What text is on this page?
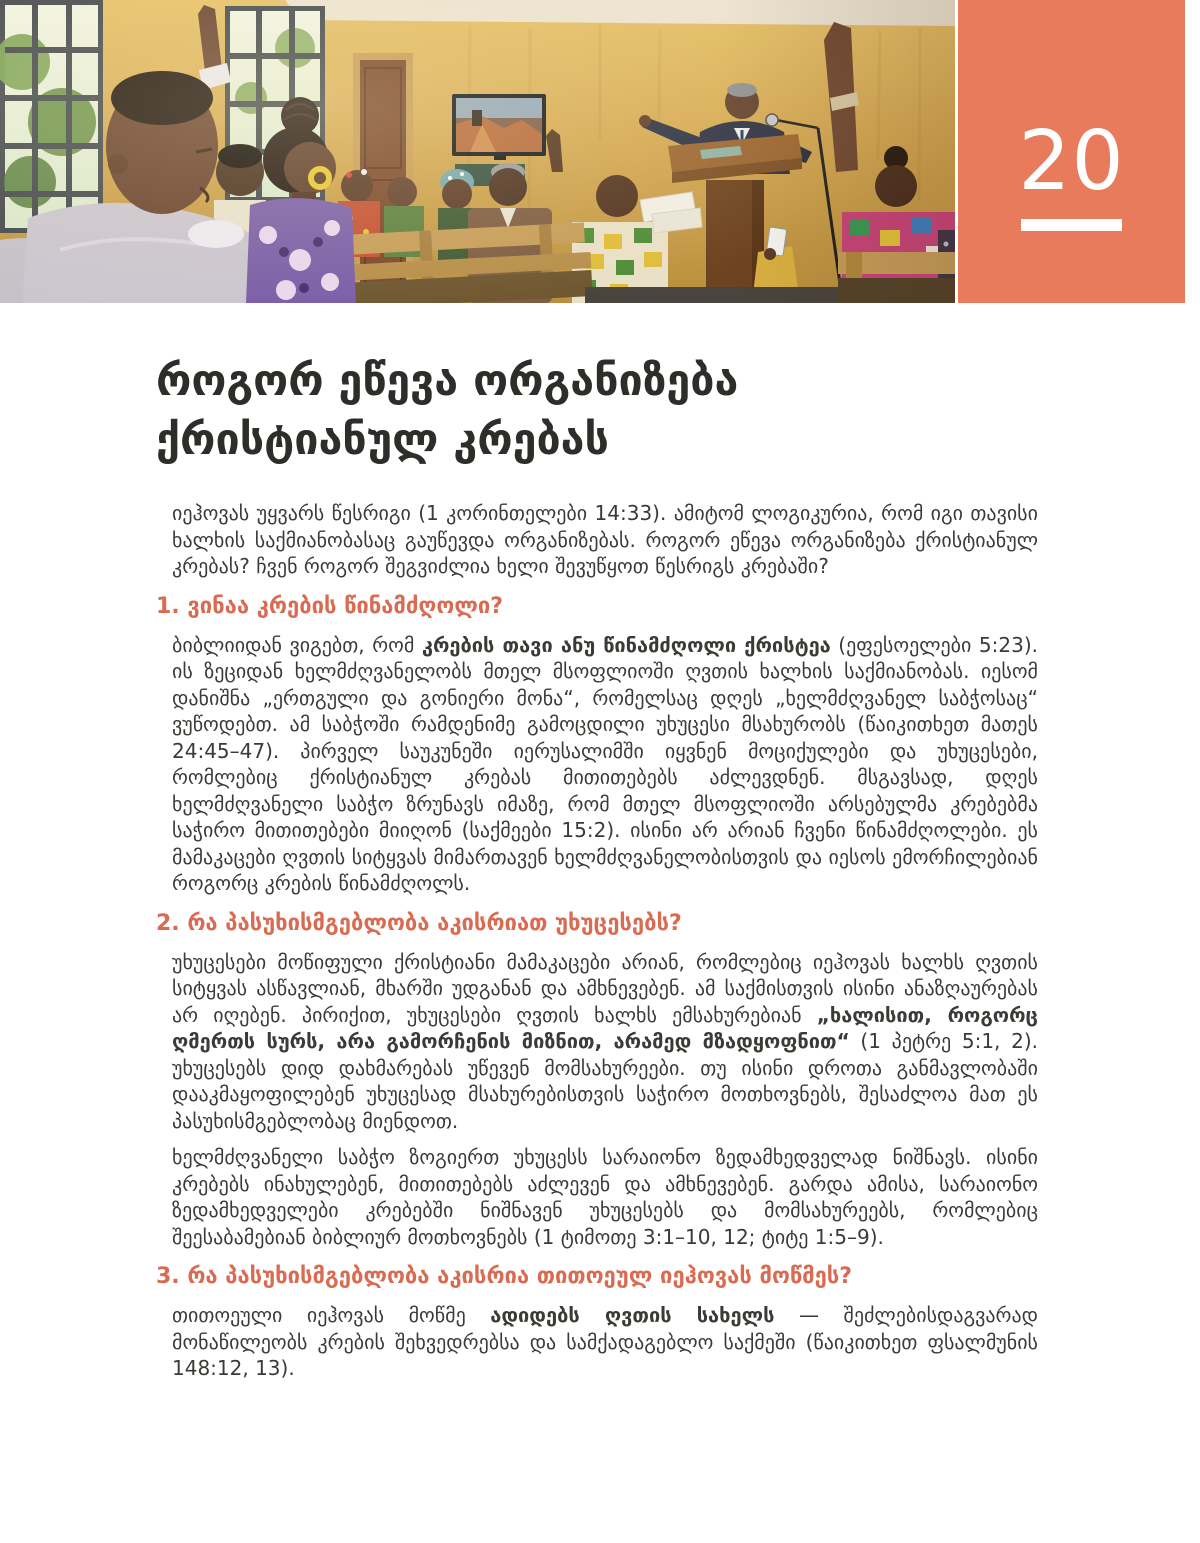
20
როგორ ეწევა ორგანიზება
ქრისტიანულ კრებას

იეჰოვას უყვარს წესრიგი (1 კორინთელები 14:33). ამიტომ ლოგიკურია, რომ იგი თავისი ხალხის საქმიანობასაც გაუწევდა ორგანიზებას. როგორ ეწევა ორგანიზება ქრისტიანულ კრებას? ჩვენ როგორ შეგვიძლია ხელი შევუწყოთ წესრიგს კრებაში?

1. ვინაა კრების წინამძღოლი?

ბიბლიიდან ვიგებთ, რომ კრების თავი ანუ წინამძღოლი ქრისტეა (ეფესოელები 5:23). ის ზეციდან ხელმძღვანელობს მთელ მსოფლიოში ღვთის ხალხის საქმიანობას. იესომ დანიშნა „ერთგული და გონიერი მონა“, რომელსაც დღეს „ხელმძღვანელ საბჭოსაც“ ვუწოდებთ. ამ საბჭოში რამდენიმე გამოცდილი უხუცესი მსახურობს (წაიკითხეთ მათეს 24:45–47). პირველ საუკუნეში იერუსალიმში იყვნენ მოციქულები და უხუცესები, რომლებიც ქრისტიანულ კრებას მითითებებს აძლევდნენ. მსგავსად, დღეს ხელმძღვანელი საბჭო ზრუნავს იმაზე, რომ მთელ მსოფლიოში არსებულმა კრებებმა საჭირო მითითებები მიიღონ (საქმეები 15:2). ისინი არ არიან ჩვენი წინამძღოლები. ეს მამაკაცები ღვთის სიტყვას მიმართავენ ხელმძღვანელობისთვის და იესოს ემორჩილებიან როგორც კრების წინამძღოლს.

2. რა პასუხისმგებლობა აკისრიათ უხუცესებს?

უხუცესები მოწიფული ქრისტიანი მამაკაცები არიან, რომლებიც იეჰოვას ხალხს ღვთის სიტყვას ასწავლიან, მხარში უდგანან და ამხნევებენ. ამ საქმისთვის ისინი ანაზღაურებას არ იღებენ. პირიქით, უხუცესები ღვთის ხალხს ემსახურებიან „ხალისით, როგორც ღმერთს სურს, არა გამორჩენის მიზნით, არამედ მზადყოფნით“ (1 პეტრე 5:1, 2). უხუცესებს დიდ დახმარებას უწევენ მომსახურეები. თუ ისინი დროთა განმავლობაში დააკმაყოფილებენ უხუცესად მსახურებისთვის საჭირო მოთხოვნებს, შესაძლოა მათ ეს პასუხისმგებლობაც მიენდოთ.

ხელმძღვანელი საბჭო ზოგიერთ უხუცესს სარაიონო ზედამხედველად ნიშნავს. ისინი კრებებს ინახულებენ, მითითებებს აძლევენ და ამხნევებენ. გარდა ამისა, სარაიონო ზედამხედველები კრებებში ნიშნავენ უხუცესებს და მომსახურეებს, რომლებიც შეესაბამებიან ბიბლიურ მოთხოვნებს (1 ტიმოთე 3:1–10, 12; ტიტე 1:5–9).

3. რა პასუხისმგებლობა აკისრია თითოეულ იეჰოვას მოწმეს?

თითოეული იეჰოვას მოწმე ადიდებს ღვთის სახელს — შეძლებისდაგვარად მონაწილეობს კრების შეხვედრებსა და სამქადაგებლო საქმეში (წაიკითხეთ ფსალმუნის 148:12, 13).
